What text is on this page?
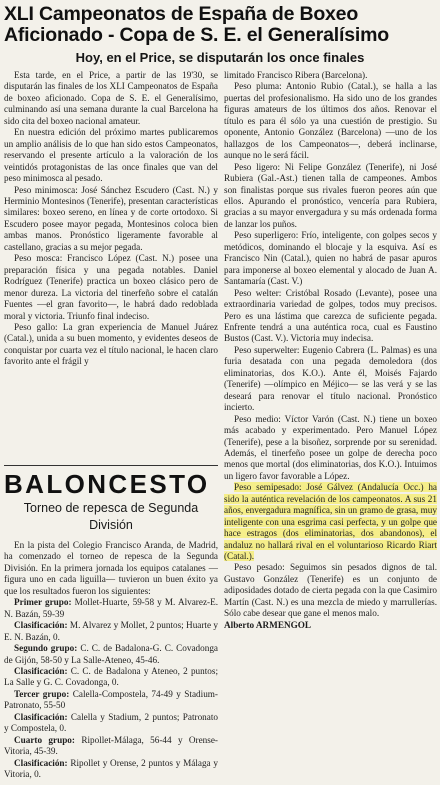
XLI Campeonatos de España de Boxeo Aficionado - Copa de S. E. el Generalísimo
Hoy, en el Price, se disputarán los once finales

Esta tarde, en el Price, a partir de las 19'30, se disputarán las finales de los XLI Campeonatos de España de boxeo aficionado. Copa de S. E. el Generalísimo, culminando así una semana durante la cual Barcelona ha sido cita del boxeo nacional amateur.

En nuestra edición del próximo martes publicaremos un amplio análisis de lo que han sido estos Campeonatos, reservando el presente artículo a la valoración de los veintidós protagonistas de las once finales que van del peso minimosca al pesado.

Peso minimosca: José Sánchez Escudero (Cast. N.) y Herminio Montesinos (Tenerife), presentan características similares: boxeo sereno, en línea y de corte ortodoxo. Si Escudero posee mayor pegada, Montesinos coloca bien ambas manos. Pronóstico ligeramente favorable al castellano, gracias a su mejor pegada.

Peso mosca: Francisco López (Cast. N.) posee una preparación física y una pegada notables. Daniel Rodríguez (Tenerife) practica un boxeo clásico pero de menor dureza. La victoria del tinerfeño sobre el catalán Fuentes —el gran favorito—, le habrá dado redoblada moral y victoria. Triunfo final indeciso.

Peso gallo: La gran experiencia de Manuel Juárez (Catal.), unida a su buen momento, y evidentes deseos de conquistar por cuarta vez el título nacional, le hacen claro favorito ante el frágil y

BALONCESTO
Torneo de repesca de Segunda División

En la pista del Colegio Francisco Aranda, de Madrid, ha comenzado el torneo de repesca de la Segunda División. En la primera jornada los equipos catalanes —figura uno en cada liguilla— tuvieron un buen éxito ya que los resultados fueron los siguientes:

Primer grupo: Mollet-Huarte, 59-58 y M. Alvarez-E. N. Bazán, 59-39

Clasificación: M. Alvarez y Mollet, 2 puntos; Huarte y E. N. Bazán, 0.

Segundo grupo: C. C. de Badalona-G. C. Covadonga de Gijón, 58-50 y La Salle-Ateneo, 45-46.

Clasificación: C. C. de Badalona y Ateneo, 2 puntos; La Salle y G. C. Covadonga, 0.

Tercer grupo: Calella-Compostela, 74-49 y Stadium-Patronato, 55-50

Clasificación: Calella y Stadium, 2 puntos; Patronato y Compostela, 0.

Cuarto grupo: Ripollet-Málaga, 56-44 y Orense-Vitoria, 45-39.

Clasificación: Ripollet y Orense, 2 puntos y Málaga y Vitoria, 0.

limitado Francisco Ribera (Barcelona).

Peso pluma: Antonio Rubio (Catal.), se halla a las puertas del profesionalismo. Ha sido uno de los grandes figuras amateurs de los últimos dos años. Renovar el título es para él sólo ya una cuestión de prestigio. Su oponente, Antonio González (Barcelona) —uno de los hallazgos de los Campeonatos—, deberá inclinarse, aunque no le será fácil.

Peso ligero: Ni Felipe González (Tenerife), ni José Rubiera (Gal.-Ast.) tienen talla de campeones. Ambos son finalistas porque sus rivales fueron peores aún que ellos. Apurando el pronóstico, vencería para Rubiera, gracias a su mayor envergadura y su más ordenada forma de lanzar los puños.

Peso superligero: Frío, inteligente, con golpes secos y metódicos, dominando el blocaje y la esquiva. Así es Francisco Nin (Catal.), quien no habrá de pasar apuros para imponerse al boxeo elemental y alocado de Juan A. Santamaría (Cast. V.)

Peso welter: Cristóbal Rosado (Levante), posee una extraordinaria variedad de golpes, todos muy precisos. Pero es una lástima que carezca de suficiente pegada. Enfrente tendrá a una auténtica roca, cual es Faustino Bustos (Cast. V.). Victoria muy indecisa.

Peso superwelter: Eugenio Cabrera (L. Palmas) es una furia desatada con una pegada demoledora (dos eliminatorias, dos K.O.). Ante él, Moisés Fajardo (Tenerife) —olímpico en Méjico— se las verá y se las deseará para renovar el título nacional. Pronóstico incierto.

Peso medio: Víctor Varón (Cast. N.) tiene un boxeo más acabado y experimentado. Pero Manuel López (Tenerife), pese a la bisoñez, sorprende por su serenidad. Además, el tinerfeño posee un golpe de derecha poco menos que mortal (dos eliminatorias, dos K.O.). Intuimos un ligero favor favorable a López.

Peso semipesado: José Gálvez (Andalucía Occ.) ha sido la auténtica revelación de los campeonatos. A sus 21 años, envergadura magnífica, sin un gramo de grasa, muy inteligente con una esgrima casi perfecta, y un golpe que hace estragos (dos eliminatorias, dos abandonos), el andaluz no hallará rival en el voluntarioso Ricardo Riart (Catal.).

Peso pesado: Seguimos sin pesados dignos de tal. Gustavo González (Tenerife) es un conjunto de adiposidades dotado de cierta pegada con la que Casimiro Martín (Cast. N.) es una mezcla de miedo y marrullerías. Sólo cabe desear que gane el menos malo.

Alberto ARMENGOL
